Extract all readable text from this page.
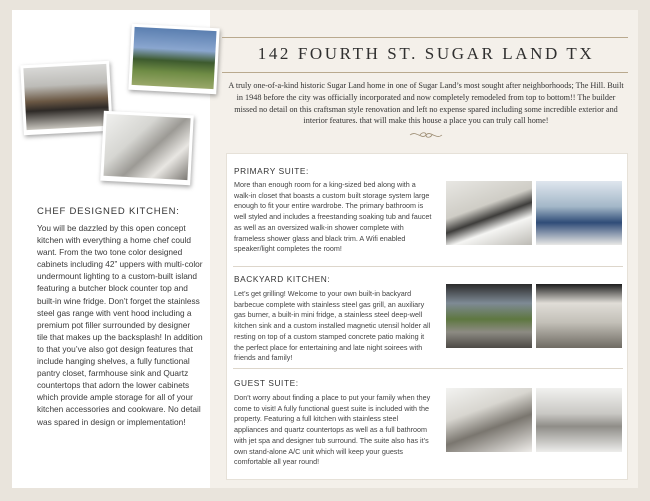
CHEF DESIGNED KITCHEN:
You will be dazzled by this open concept kitchen with everything a home chef could want. From the two tone color designed cabinets including 42” uppers with multi-color undermount lighting to a custom-built island featuring a butcher block counter top and built-in wine fridge. Don’t forget the stainless steel gas range with vent hood including a premium pot filler surrounded by designer tile that makes up the backsplash! In addition to that you’ve also got design features that include hanging shelves, a fully functional pantry closet, farmhouse sink and Quartz countertops that adorn the lower cabinets which provide ample storage for all of your kitchen accessories and cookware. No detail was spared in design or implementation!
142 FOURTH ST. SUGAR LAND TX
A truly one-of-a-kind historic Sugar Land home in one of Sugar Land’s most sought after neighborhoods; The Hill. Built in 1948 before the city was officially incorporated and now completely remodeled from top to bottom!! The builder missed no detail on this craftsman style renovation and left no expense spared including some incredible exterior and interior features. that will make this house a place you can truly call home!
PRIMARY SUITE:
More than enough room for a king-sized bed along with a walk-in closet that boasts a custom built storage system large enough to fit your entire wardrobe. The primary bathroom is well styled and includes a freestanding soaking tub and faucet as well as an oversized walk-in shower complete with frameless shower glass and black trim. A Wifi enabled speaker/light completes the room!
BACKYARD KITCHEN:
Let’s get grilling! Welcome to your own built-in backyard barbecue complete with stainless steel gas grill, an auxiliary gas burner, a built-in mini fridge, a stainless steel deep-well kitchen sink and a custom installed magnetic utensil holder all resting on top of a custom stamped concrete patio making it the perfect place for entertaining and late night soirees with friends and family!
GUEST SUITE:
Don’t worry about finding a place to put your family when they come to visit! A fully functional guest suite is included with the property. Featuring a full kitchen with stainless steel appliances and quartz countertops as well as a full bathroom with jet spa and designer tub surround. The suite also has it’s own stand-alone A/C unit which will keep your guests comfortable all year round!
